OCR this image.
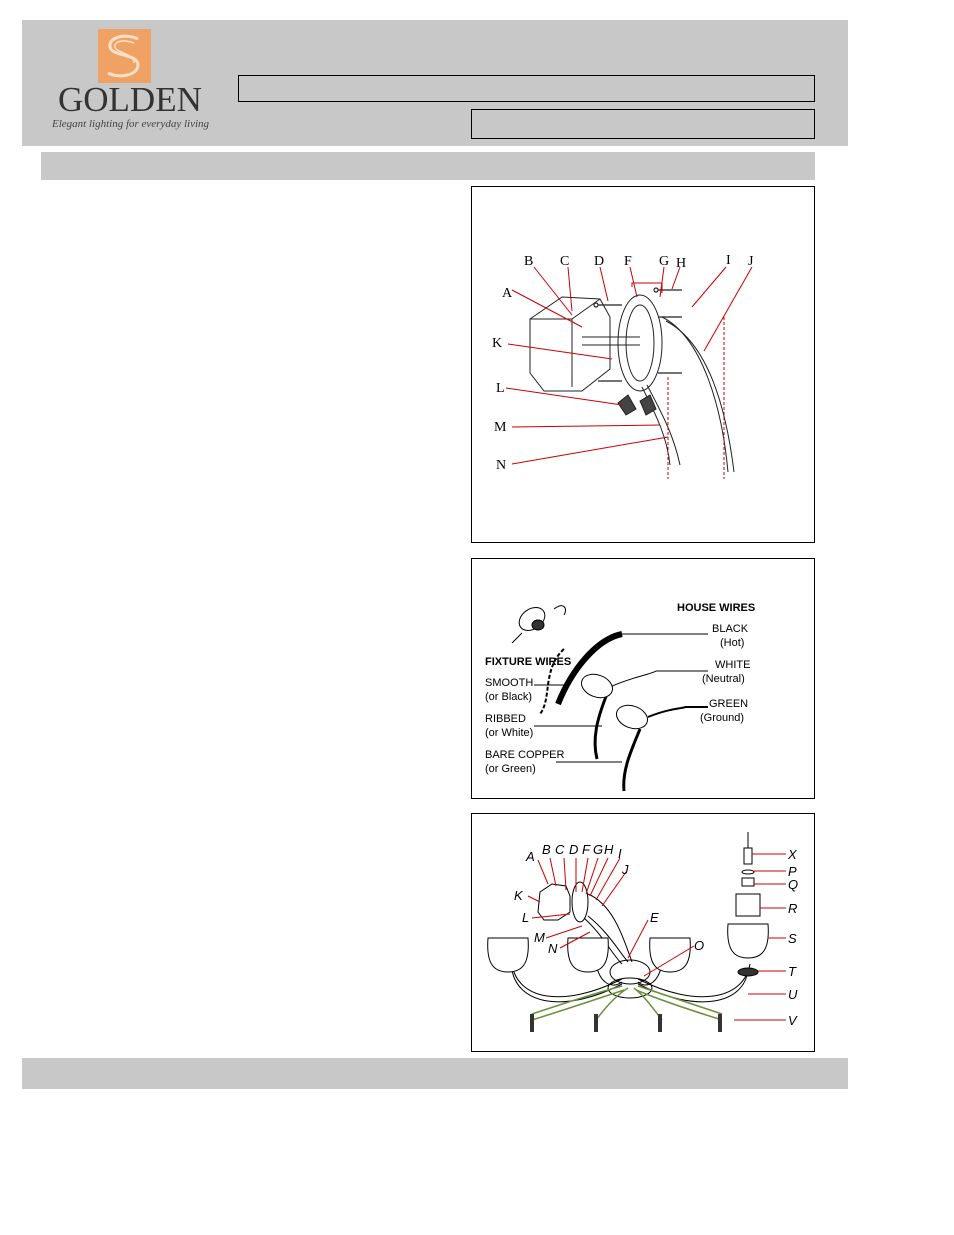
GOLDEN
Elegant lighting for everyday living
A
B C D F G H	I J
K
L
M
N
HOUSE WIRES
BLACK
(Hot)
WHITE
(Neutral)
GREEN
(Ground)
FIXTURE WIRES
SMOOTH
(or Black)
RIBBED
(or White)
BARE COPPER
(or Green)
A B C D F G H I
J
K
L
M
N
E
O
X
P
Q
R
S
T
U
V
